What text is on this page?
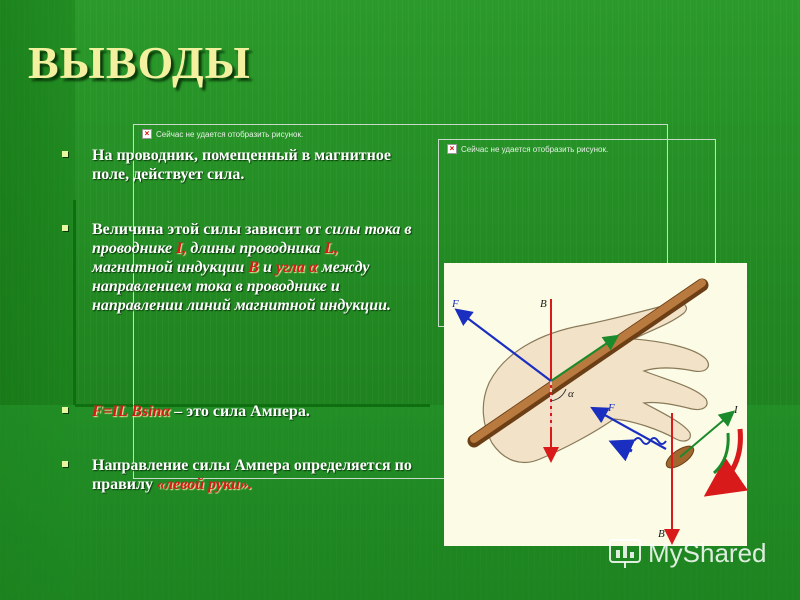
ВЫВОДЫ
× Сейчас не удается отобразить рисунок.
× Сейчас не удается отобразить рисунок.
На проводник, помещенный в магнитное поле, действует сила.
Величина этой силы зависит от силы тока в проводнике I, длины проводника L, магнитной индукции В и угла α между направлением тока в проводнике и направлении линий магнитной индукции.
F=IL Bsinα – это сила Ампера.
Направление силы Ампера определяется по правилу «левой руки».
F	B
α
F	I
B
MyShared
